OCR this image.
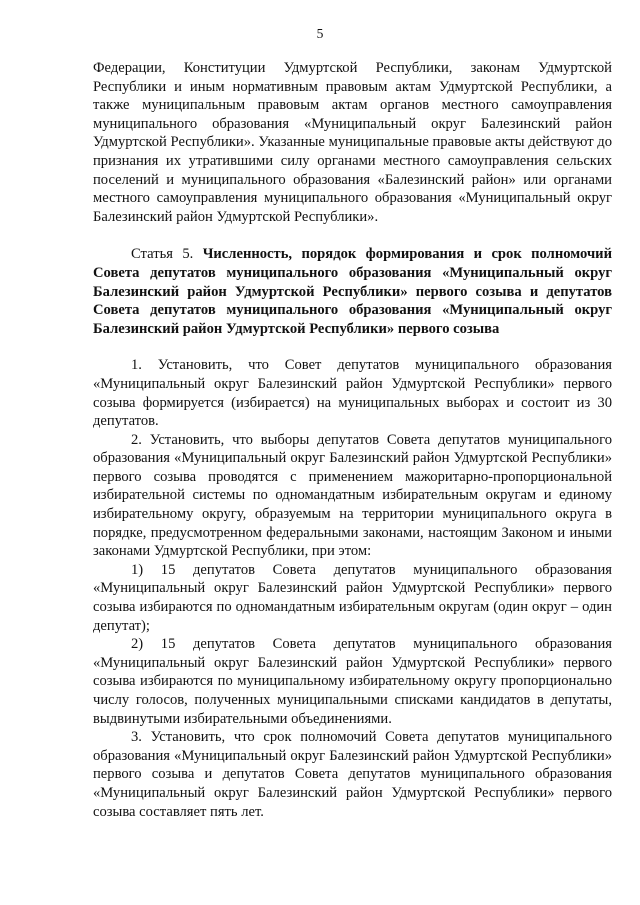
5

Федерации, Конституции Удмуртской Республики, законам Удмуртской Республики и иным нормативным правовым актам Удмуртской Республики, а также муниципальным правовым актам органов местного самоуправления муниципального образования «Муниципальный округ Балезинский район Удмуртской Республики». Указанные муниципальные правовые акты действуют до признания их утратившими силу органами местного самоуправления сельских поселений и муниципального образования «Балезинский район» или органами местного самоуправления муниципального образования «Муниципальный округ Балезинский район Удмуртской Республики».

Статья 5. Численность, порядок формирования и срок полномочий Совета депутатов муниципального образования «Муниципальный округ Балезинский район Удмуртской Республики» первого созыва и депутатов Совета депутатов муниципального образования «Муниципальный округ Балезинский район Удмуртской Республики» первого созыва

1. Установить, что Совет депутатов муниципального образования «Муниципальный округ Балезинский район Удмуртской Республики» первого созыва формируется (избирается) на муниципальных выборах и состоит из 30 депутатов.

2. Установить, что выборы депутатов Совета депутатов муниципального образования «Муниципальный округ Балезинский район Удмуртской Республики» первого созыва проводятся с применением мажоритарно-пропорциональной избирательной системы по одномандатным избирательным округам и единому избирательному округу, образуемым на территории муниципального округа в порядке, предусмотренном федеральными законами, настоящим Законом и иными законами Удмуртской Республики, при этом:

1) 15 депутатов Совета депутатов муниципального образования «Муниципальный округ Балезинский район Удмуртской Республики» первого созыва избираются по одномандатным избирательным округам (один округ – один депутат);

2) 15 депутатов Совета депутатов муниципального образования «Муниципальный округ Балезинский район Удмуртской Республики» первого созыва избираются по муниципальному избирательному округу пропорционально числу голосов, полученных муниципальными списками кандидатов в депутаты, выдвинутыми избирательными объединениями.

3. Установить, что срок полномочий Совета депутатов муниципального образования «Муниципальный округ Балезинский район Удмуртской Республики» первого созыва и депутатов Совета депутатов муниципального образования «Муниципальный округ Балезинский район Удмуртской Республики» первого созыва составляет пять лет.
